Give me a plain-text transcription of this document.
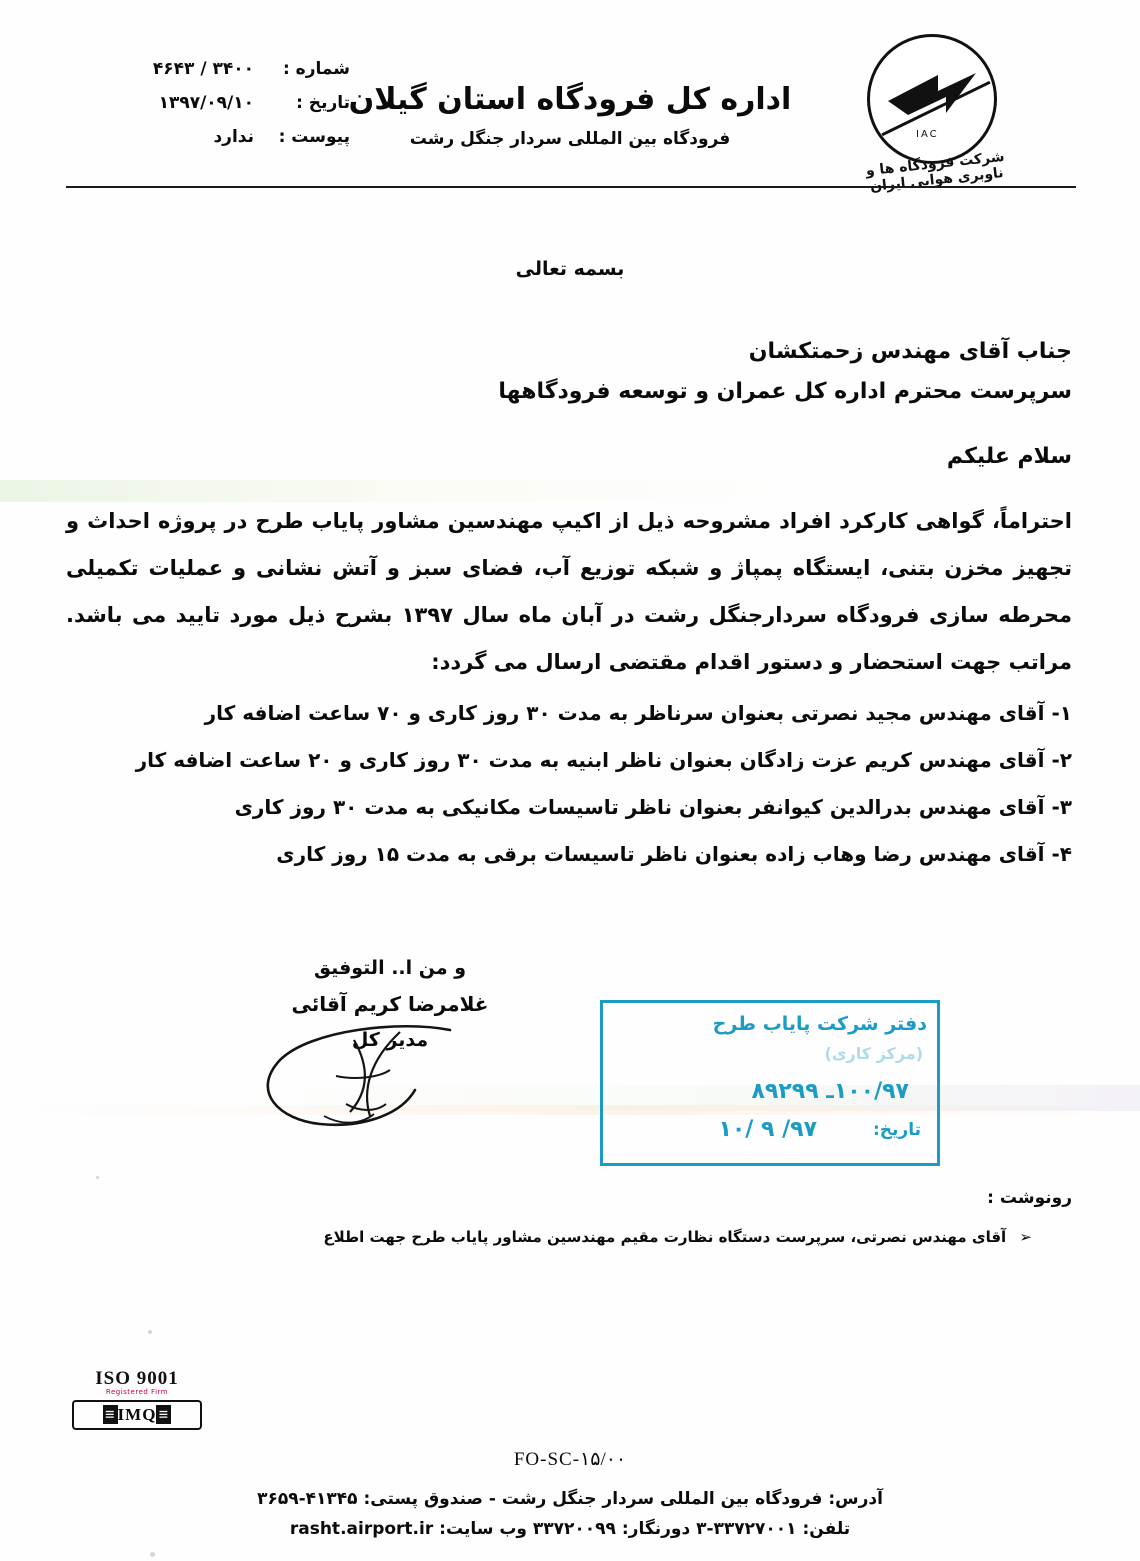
شماره :
۳۴۰۰ / ۴۶۴۳
تاریخ :
۱۳۹۷/۰۹/۱۰
پیوست :
ندارد
اداره کل فرودگاه استان گیلان
فرودگاه بین المللی سردار جنگل رشت	IAC
شرکت فرودگاه ها و ناوبری هوایی ایران
بسمه تعالی
جناب آقای مهندس زحمتکشان
سرپرست محترم اداره کل عمران و توسعه فرودگاهها
سلام علیکم
احتراماً، گواهی کارکرد افراد مشروحه ذیل از اکیپ مهندسین مشاور پایاب طرح در پروژه احداث و تجهیز مخزن بتنی، ایستگاه پمپاژ و شبکه توزیع آب، فضای سبز و آتش نشانی و عملیات تکمیلی محرطه سازی فرودگاه سردارجنگل رشت در آبان ماه سال ۱۳۹۷ بشرح ذیل مورد تایید می باشد.
مراتب جهت استحضار و دستور اقدام مقتضی ارسال می گردد:
۱- آقای مهندس مجید نصرتی بعنوان سرناظر به مدت ۳۰ روز کاری و ۷۰ ساعت اضافه کار
۲- آقای مهندس کریم عزت زادگان بعنوان ناظر ابنیه به مدت ۳۰ روز کاری و ۲۰ ساعت اضافه کار
۳- آقای مهندس بدرالدین کیوانفر بعنوان ناظر تاسیسات مکانیکی به مدت ۳۰ روز کاری
۴- آقای مهندس رضا وهاب زاده بعنوان ناظر تاسیسات برقی به مدت ۱۵ روز کاری
و من ا.. التوفیق
غلامرضا کریم آقائی
مدیر کل
دفتر شرکت پایاب طرح
(مرکز کاری)
۱۰۰/۹۷ـ ۸۹۲۹۹
تاریخ:
۹۷/ ۹ /۱۰
رونوشت :
➢ آقای مهندس نصرتی، سرپرست دستگاه نظارت مقیم مهندسین مشاور پایاب طرح جهت اطلاع
ISO 9001
Registered Firm
≡IMQ≡
FO-SC-۱۵/۰۰
آدرس: فرودگاه بین المللی سردار جنگل رشت - صندوق پستی: ۴۱۳۴۵-۳۶۵۹
تلفن: ۳۳۷۲۷۰۰۱-۳ دورنگار: ۳۳۷۲۰۰۹۹ وب سایت: rasht.airport.ir
